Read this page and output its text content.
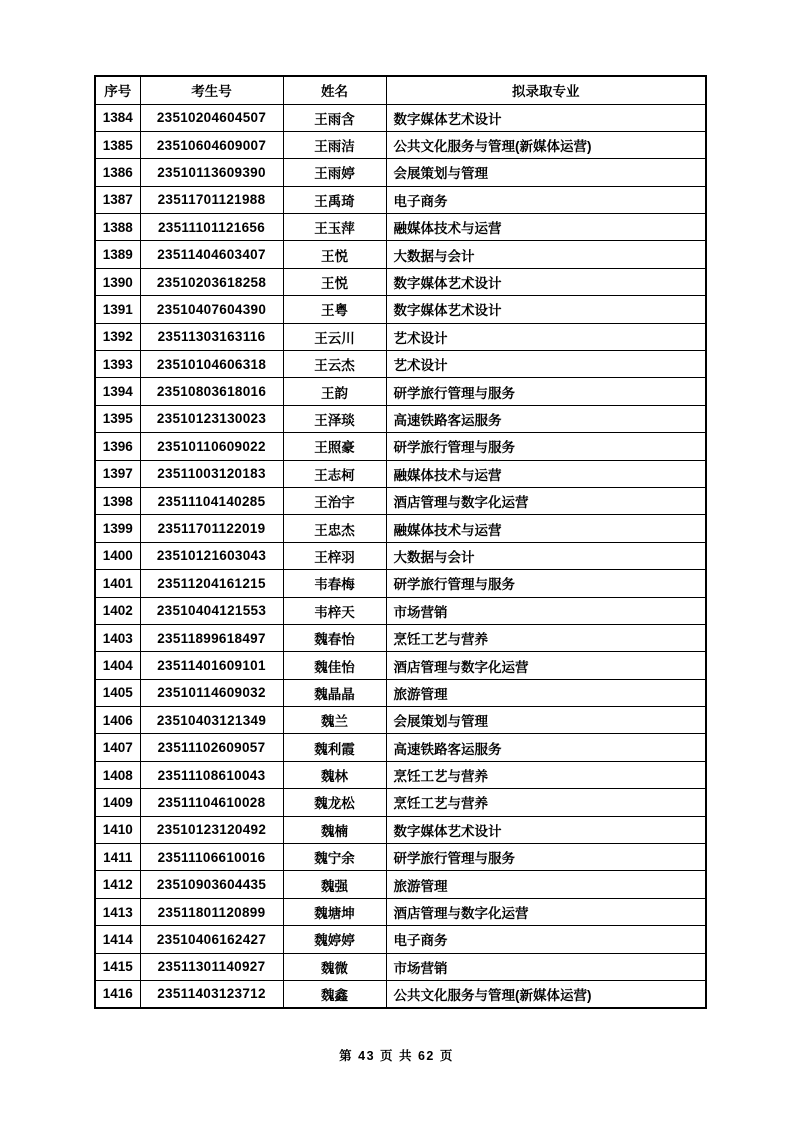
序号	考生号	姓名	拟录取专业
1384	23510204604507	王雨含	数字媒体艺术设计
1385	23510604609007	王雨洁	公共文化服务与管理(新媒体运营)
1386	23510113609390	王雨婷	会展策划与管理
1387	23511701121988	王禹琦	电子商务
1388	23511101121656	王玉萍	融媒体技术与运营
1389	23511404603407	王悦	大数据与会计
1390	23510203618258	王悦	数字媒体艺术设计
1391	23510407604390	王粤	数字媒体艺术设计
1392	23511303163116	王云川	艺术设计
1393	23510104606318	王云杰	艺术设计
1394	23510803618016	王韵	研学旅行管理与服务
1395	23510123130023	王泽琰	高速铁路客运服务
1396	23510110609022	王照豪	研学旅行管理与服务
1397	23511003120183	王志柯	融媒体技术与运营
1398	23511104140285	王治宇	酒店管理与数字化运营
1399	23511701122019	王忠杰	融媒体技术与运营
1400	23510121603043	王梓羽	大数据与会计
1401	23511204161215	韦春梅	研学旅行管理与服务
1402	23510404121553	韦梓天	市场营销
1403	23511899618497	魏春怡	烹饪工艺与营养
1404	23511401609101	魏佳怡	酒店管理与数字化运营
1405	23510114609032	魏晶晶	旅游管理
1406	23510403121349	魏兰	会展策划与管理
1407	23511102609057	魏利霞	高速铁路客运服务
1408	23511108610043	魏林	烹饪工艺与营养
1409	23511104610028	魏龙松	烹饪工艺与营养
1410	23510123120492	魏楠	数字媒体艺术设计
1411	23511106610016	魏宁余	研学旅行管理与服务
1412	23510903604435	魏强	旅游管理
1413	23511801120899	魏塘坤	酒店管理与数字化运营
1414	23510406162427	魏婷婷	电子商务
1415	23511301140927	魏微	市场营销
1416	23511403123712	魏鑫	公共文化服务与管理(新媒体运营)
第 43 页 共 62 页
